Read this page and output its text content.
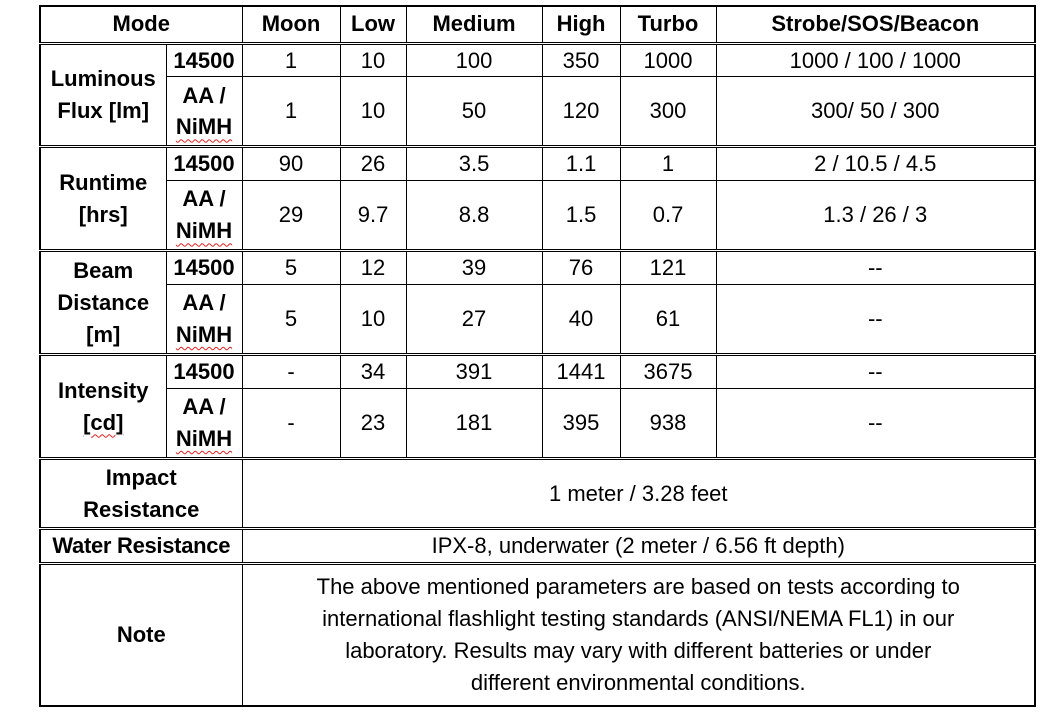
Mode		Moon	Low	Medium	High	Turbo	Strobe/SOS/Beacon

Luminous
Flux [lm]	14500	1	10	100	350	1000	1000 / 100 / 1000

	AA /
NiMH	1	10	50	120	300	300/ 50 / 300

Runtime
[hrs]	14500	90	26	3.5	1.1	1	2 / 10.5 / 4.5

	AA /
NiMH	29	9.7	8.8	1.5	0.7	1.3 / 26 / 3

Beam
Distance
[m]	14500	5	12	39	76	121	--

	AA /
NiMH	5	10	27	40	61	--

Intensity
[cd]	14500	-	34	391	1441	3675	--

	AA /
NiMH	-	23	181	395	938	--

Impact
Resistance		1 meter / 3.28 feet					
Water Resistance		IPX-8, underwater (2 meter / 6.56 ft depth)					
Note		The above mentioned parameters are based on tests according to
international flashlight testing standards (ANSI/NEMA FL1) in our
laboratory. Results may vary with different batteries or under
different environmental conditions.					
